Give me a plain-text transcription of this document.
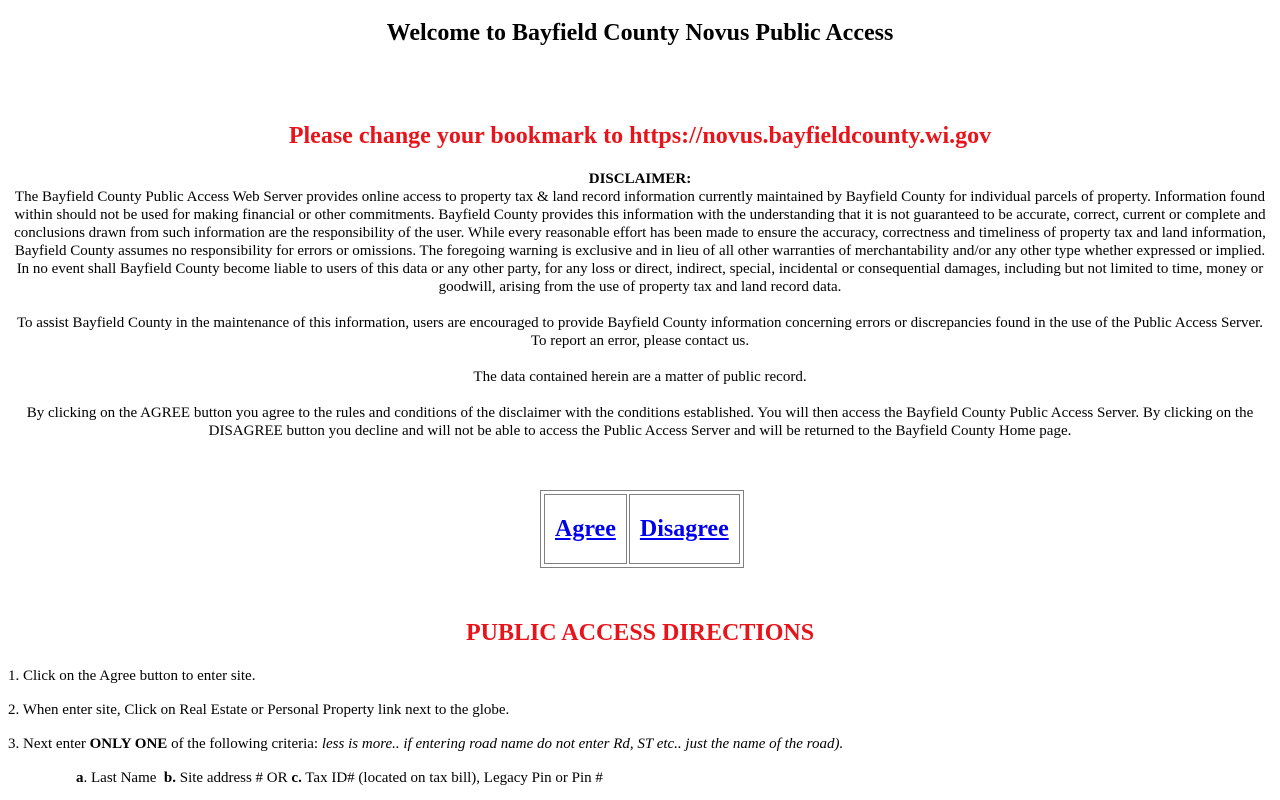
Welcome to Bayfield County Novus Public Access
Please change your bookmark to https://novus.bayfieldcounty.wi.gov

DISCLAIMER:
The Bayfield County Public Access Web Server provides online access to property tax & land record information currently maintained by Bayfield County for individual parcels of property. Information found within should not be used for making financial or other commitments. Bayfield County provides this information with the understanding that it is not guaranteed to be accurate, correct, current or complete and conclusions drawn from such information are the responsibility of the user. While every reasonable effort has been made to ensure the accuracy, correctness and timeliness of property tax and land information, Bayfield County assumes no responsibility for errors or omissions. The foregoing warning is exclusive and in lieu of all other warranties of merchantability and/or any other type whether expressed or implied. In no event shall Bayfield County become liable to users of this data or any other party, for any loss or direct, indirect, special, incidental or consequential damages, including but not limited to time, money or goodwill, arising from the use of property tax and land record data.

To assist Bayfield County in the maintenance of this information, users are encouraged to provide Bayfield County information concerning errors or discrepancies found in the use of the Public Access Server. To report an error, please contact us.

The data contained herein are a matter of public record.

By clicking on the AGREE button you agree to the rules and conditions of the disclaimer with the conditions established. You will then access the Bayfield County Public Access Server. By clicking on the DISAGREE button you decline and will not be able to access the Public Access Server and will be returned to the Bayfield County Home page.

Agree	Disagree
PUBLIC ACCESS DIRECTIONS

1. Click on the Agree button to enter site.

2. When enter site, Click on Real Estate or Personal Property link next to the globe.

3. Next enter ONLY ONE of the following criteria: less is more.. if entering road name do not enter Rd, ST etc.. just the name of the road).

a. Last Name  b. Site address # OR c. Tax ID# (located on tax bill), Legacy Pin or Pin #
